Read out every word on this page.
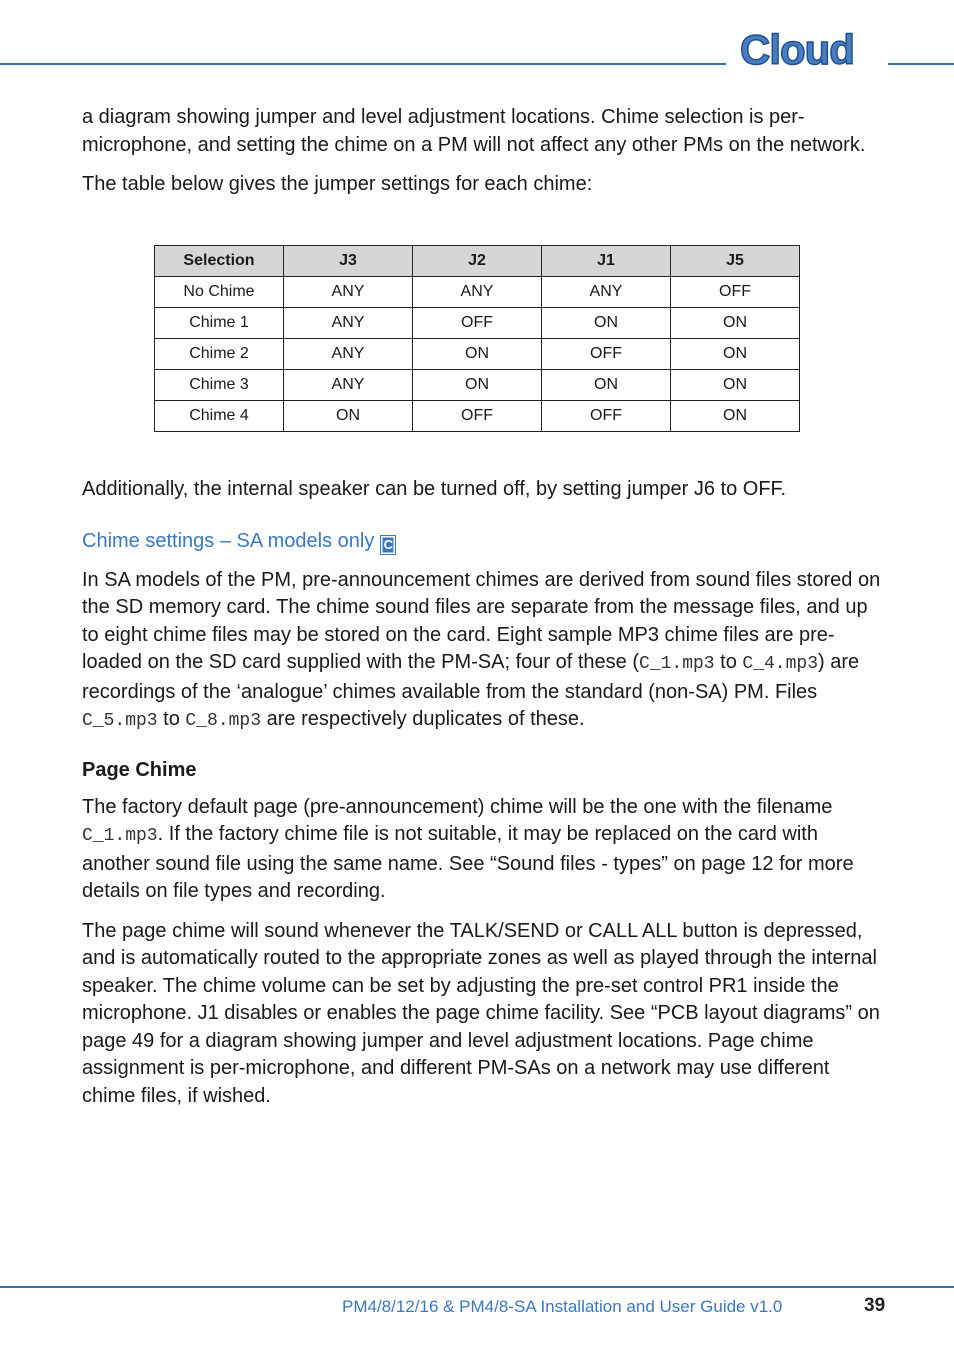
Cloud

a diagram showing jumper and level adjustment locations. Chime selection is per-microphone, and setting the chime on a PM will not affect any other PMs on the network.

The table below gives the jumper settings for each chime:

Selection	J3	J2	J1	J5
No Chime	ANY	ANY	ANY	OFF
Chime 1	ANY	OFF	ON	ON
Chime 2	ANY	ON	OFF	ON
Chime 3	ANY	ON	ON	ON
Chime 4	ON	OFF	OFF	ON

Additionally, the internal speaker can be turned off, by setting jumper J6 to OFF.

Chime settings – SA models only C

In SA models of the PM, pre-announcement chimes are derived from sound files stored on the SD memory card. The chime sound files are separate from the message files, and up to eight chime files may be stored on the card. Eight sample MP3 chime files are pre-loaded on the SD card supplied with the PM-SA; four of these (C_1.mp3 to C_4.mp3) are recordings of the ‘analogue’ chimes available from the standard (non-SA) PM. Files C_5.mp3 to C_8.mp3 are respectively duplicates of these.

Page Chime

The factory default page (pre-announcement) chime will be the one with the filename C_1.mp3. If the factory chime file is not suitable, it may be replaced on the card with another sound file using the same name. See “Sound files - types” on page 12 for more details on file types and recording.

The page chime will sound whenever the TALK/SEND or CALL ALL button is depressed, and is automatically routed to the appropriate zones as well as played through the internal speaker. The chime volume can be set by adjusting the pre-set control PR1 inside the microphone. J1 disables or enables the page chime facility. See “PCB layout diagrams” on page 49 for a diagram showing jumper and level adjustment locations. Page chime assignment is per-microphone, and different PM-SAs on a network may use different chime files, if wished.

PM4/8/12/16 & PM4/8-SA Installation and User Guide v1.0	39
